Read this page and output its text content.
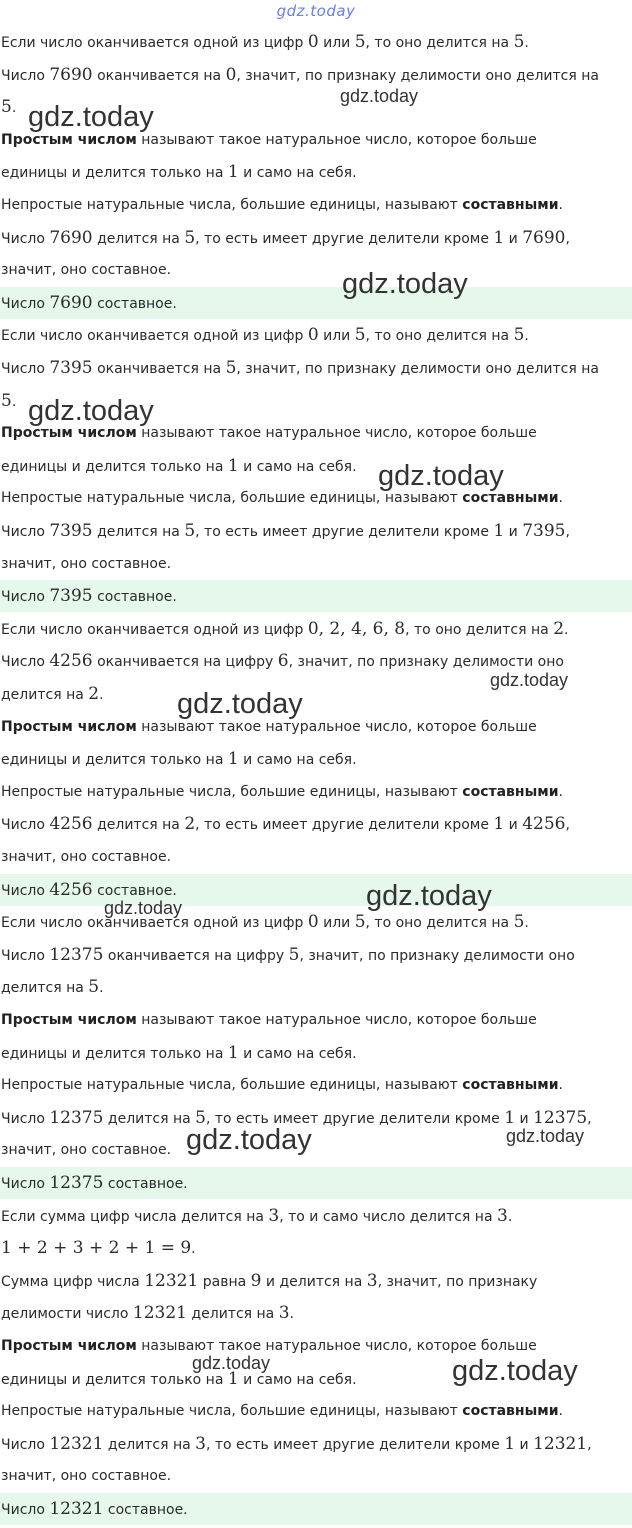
gdz.today
Если число оканчивается одной из цифр 0 или 5, то оно делится на 5.
Число 7690 оканчивается на 0, значит, по признаку делимости оно делится на
5.
Простым числом называют такое натуральное число, которое больше
единицы и делится только на 1 и само на себя.
Непростые натуральные числа, большие единицы, называют составными.
Число 7690 делится на 5, то есть имеет другие делители кроме 1 и 7690,
значит, оно составное.
Число 7690 составное.
Если число оканчивается одной из цифр 0 или 5, то оно делится на 5.
Число 7395 оканчивается на 5, значит, по признаку делимости оно делится на
5.
Простым числом называют такое натуральное число, которое больше
единицы и делится только на 1 и само на себя.
Непростые натуральные числа, большие единицы, называют составными.
Число 7395 делится на 5, то есть имеет другие делители кроме 1 и 7395,
значит, оно составное.
Число 7395 составное.
Если число оканчивается одной из цифр 0, 2, 4, 6, 8, то оно делится на 2.
Число 4256 оканчивается на цифру 6, значит, по признаку делимости оно
делится на 2.
Простым числом называют такое натуральное число, которое больше
единицы и делится только на 1 и само на себя.
Непростые натуральные числа, большие единицы, называют составными.
Число 4256 делится на 2, то есть имеет другие делители кроме 1 и 4256,
значит, оно составное.
Число 4256 составное.
Если число оканчивается одной из цифр 0 или 5, то оно делится на 5.
Число 12375 оканчивается на цифру 5, значит, по признаку делимости оно
делится на 5.
Простым числом называют такое натуральное число, которое больше
единицы и делится только на 1 и само на себя.
Непростые натуральные числа, большие единицы, называют составными.
Число 12375 делится на 5, то есть имеет другие делители кроме 1 и 12375,
значит, оно составное.
Число 12375 составное.
Если сумма цифр числа делится на 3, то и само число делится на 3.
1 + 2 + 3 + 2 + 1 = 9.
Сумма цифр числа 12321 равна 9 и делится на 3, значит, по признаку
делимости число 12321 делится на 3.
Простым числом называют такое натуральное число, которое больше
единицы и делится только на 1 и само на себя.
Непростые натуральные числа, большие единицы, называют составными.
Число 12321 делится на 3, то есть имеет другие делители кроме 1 и 12321,
значит, оно составное.
Число 12321 составное.
gdz.today
gdz.today
gdz.today
gdz.today
gdz.today
gdz.today
gdz.today
gdz.today
gdz.today
gdz.today	gdz.today
gdz.today	gdz.today
